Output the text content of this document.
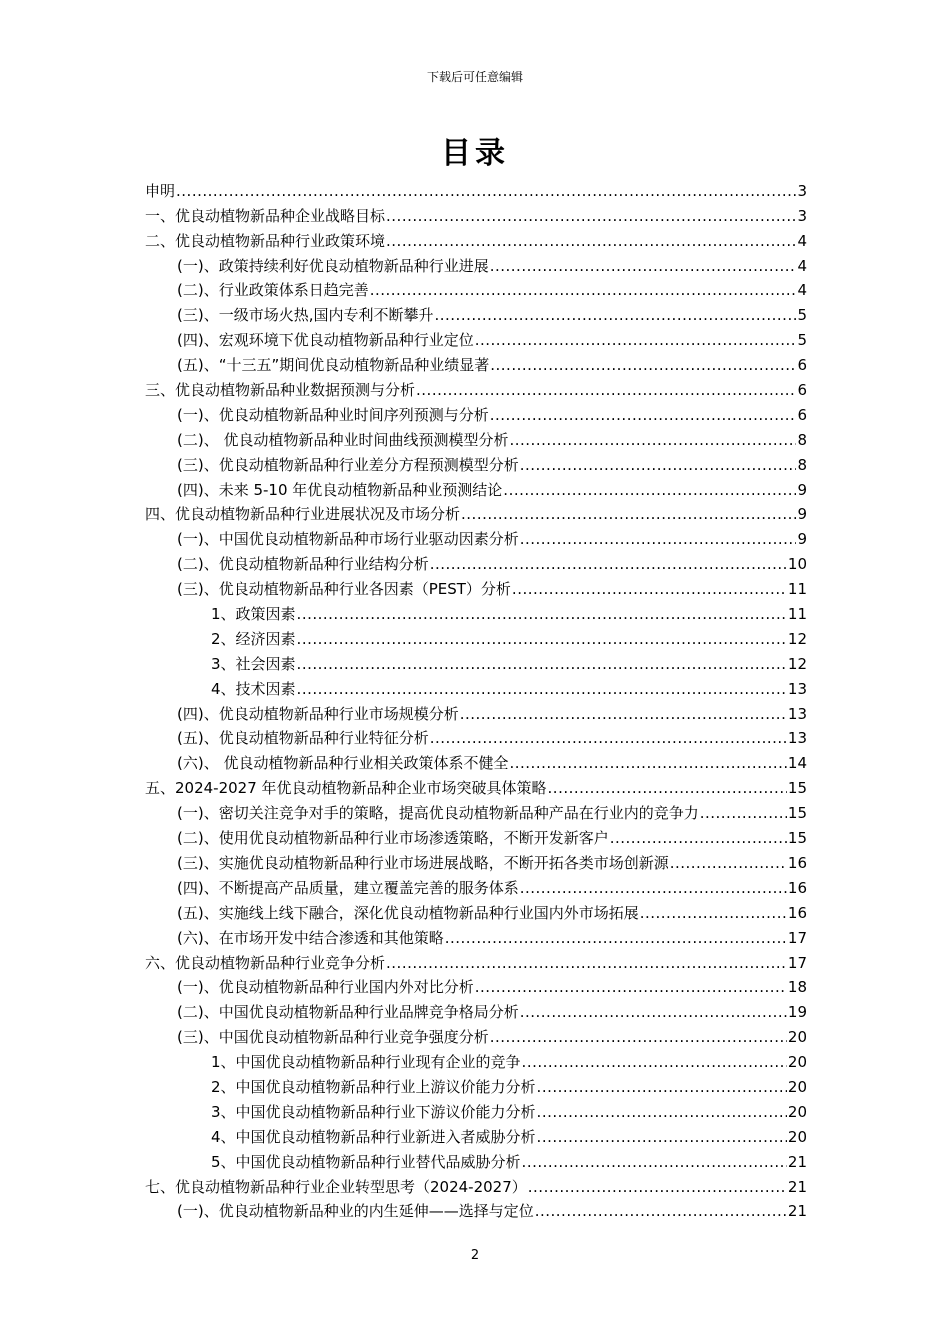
下载后可任意编辑
目录
申明 .....	3
一、优良动植物新品种企业战略目标 .....	3
二、优良动植物新品种行业政策环境 .....	4
(一)、政策持续利好优良动植物新品种行业进展 .....	4
(二)、行业政策体系日趋完善 .....	4
(三)、一级市场火热,国内专利不断攀升 .....	5
(四)、宏观环境下优良动植物新品种行业定位 .....	5
(五)、“十三五”期间优良动植物新品种业绩显著 .....	6
三、优良动植物新品种业数据预测与分析 .....	6
(一)、优良动植物新品种业时间序列预测与分析 .....	6
(二)、 优良动植物新品种业时间曲线预测模型分析 .....	8
(三)、优良动植物新品种行业差分方程预测模型分析 .....	8
(四)、未来 5-10 年优良动植物新品种业预测结论 .....	9
四、优良动植物新品种行业进展状况及市场分析 .....	9
(一)、中国优良动植物新品种市场行业驱动因素分析 .....	9
(二)、优良动植物新品种行业结构分析 .....	10
(三)、优良动植物新品种行业各因素（PEST）分析 .....	11
1、政策因素 .....	11
2、经济因素 .....	12
3、社会因素 .....	12
4、技术因素 .....	13
(四)、优良动植物新品种行业市场规模分析 .....	13
(五)、优良动植物新品种行业特征分析 .....	13
(六)、 优良动植物新品种行业相关政策体系不健全 .....	14
五、2024-2027 年优良动植物新品种企业市场突破具体策略 .....	15
(一)、密切关注竞争对手的策略，提高优良动植物新品种产品在行业内的竞争力 .....	15
(二)、使用优良动植物新品种行业市场渗透策略，不断开发新客户 .....	15
(三)、实施优良动植物新品种行业市场进展战略，不断开拓各类市场创新源 .....	16
(四)、不断提高产品质量，建立覆盖完善的服务体系 .....	16
(五)、实施线上线下融合，深化优良动植物新品种行业国内外市场拓展 .....	16
(六)、在市场开发中结合渗透和其他策略 .....	17
六、优良动植物新品种行业竞争分析 .....	17
(一)、优良动植物新品种行业国内外对比分析 .....	18
(二)、中国优良动植物新品种行业品牌竞争格局分析 .....	19
(三)、中国优良动植物新品种行业竞争强度分析 .....	20
1、中国优良动植物新品种行业现有企业的竞争 .....	20
2、中国优良动植物新品种行业上游议价能力分析 .....	20
3、中国优良动植物新品种行业下游议价能力分析 .....	20
4、中国优良动植物新品种行业新进入者威胁分析 .....	20
5、中国优良动植物新品种行业替代品威胁分析 .....	21
七、优良动植物新品种行业企业转型思考（2024-2027） .....	21
(一)、优良动植物新品种业的内生延伸——选择与定位 .....	21
2
